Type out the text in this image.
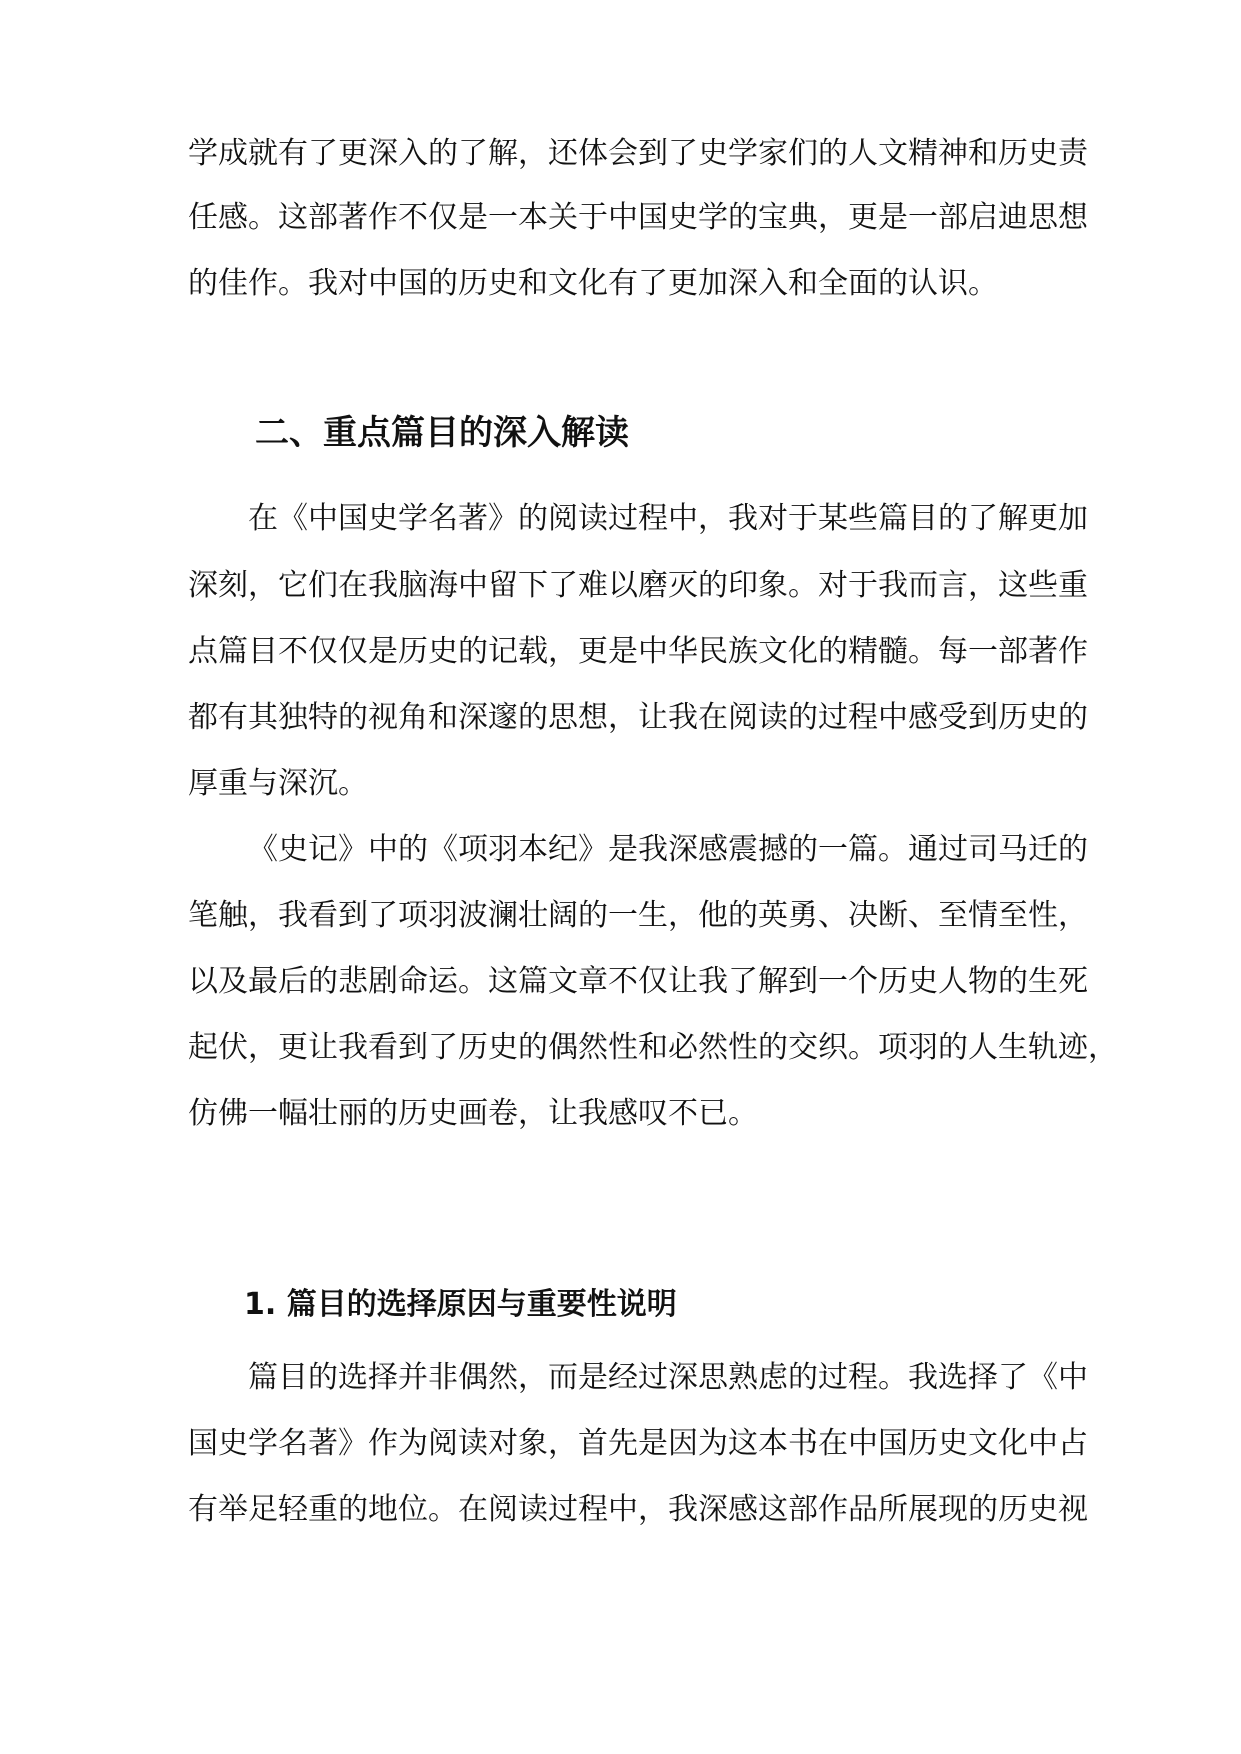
学成就有了更深入的了解，还体会到了史学家们的人文精神和历史责
任感。这部著作不仅是一本关于中国史学的宝典，更是一部启迪思想
的佳作。我对中国的历史和文化有了更加深入和全面的认识。
二、重点篇目的深入解读
在《中国史学名著》的阅读过程中，我对于某些篇目的了解更加
深刻，它们在我脑海中留下了难以磨灭的印象。对于我而言，这些重
点篇目不仅仅是历史的记载，更是中华民族文化的精髓。每一部著作
都有其独特的视角和深邃的思想，让我在阅读的过程中感受到历史的
厚重与深沉。
《史记》中的《项羽本纪》是我深感震撼的一篇。通过司马迁的
笔触，我看到了项羽波澜壮阔的一生，他的英勇、决断、至情至性，
以及最后的悲剧命运。这篇文章不仅让我了解到一个历史人物的生死
起伏，更让我看到了历史的偶然性和必然性的交织。项羽的人生轨迹，
仿佛一幅壮丽的历史画卷，让我感叹不已。
1. 篇目的选择原因与重要性说明
篇目的选择并非偶然，而是经过深思熟虑的过程。我选择了《中
国史学名著》作为阅读对象，首先是因为这本书在中国历史文化中占
有举足轻重的地位。在阅读过程中，我深感这部作品所展现的历史视
